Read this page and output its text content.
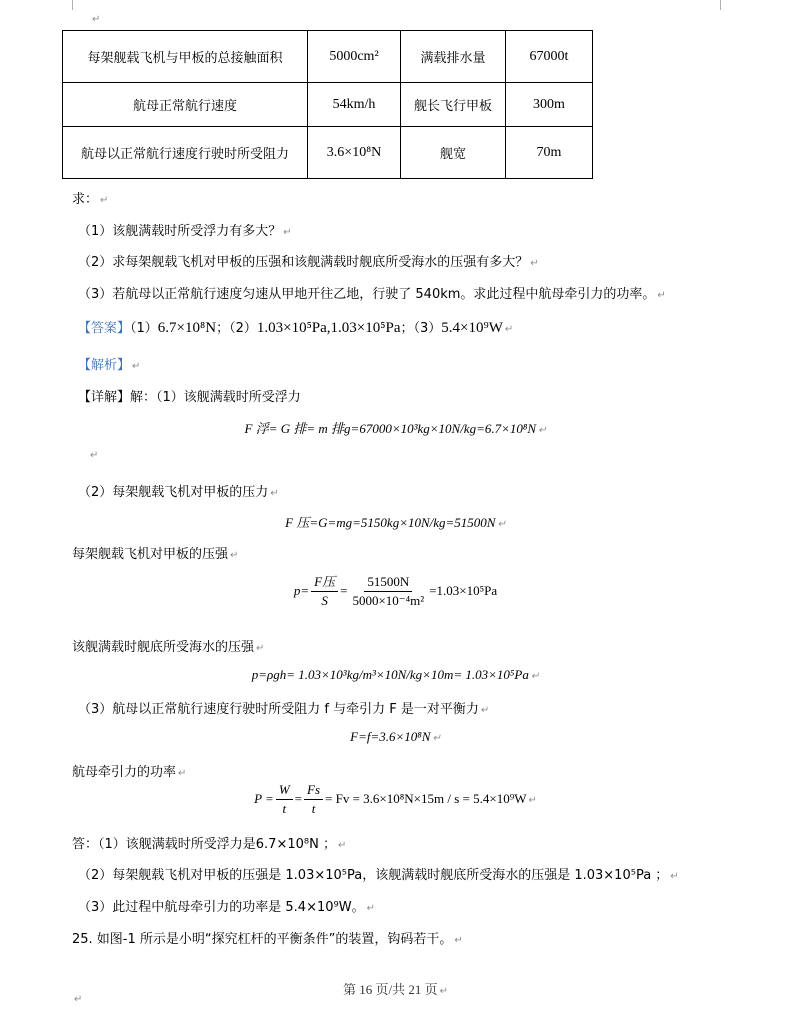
↵
每架舰载飞机与甲板的总接触面积	5000cm²	满载排水量	67000t
航母正常航行速度	54km/h	舰长飞行甲板	300m
航母以正常航行速度行驶时所受阻力	3.6×10⁸N	舰宽	70m
求： ↵
（1）该舰满载时所受浮力有多大？ ↵
（2）求每架舰载飞机对甲板的压强和该舰满载时舰底所受海水的压强有多大？ ↵
（3）若航母以正常航行速度匀速从甲地开往乙地，行驶了 540km。求此过程中航母牵引力的功率。 ↵
【答案】（1）6.7×10⁸N；（2）1.03×10⁵Pa,1.03×10⁵Pa；（3）5.4×10⁹W ↵
【解析】 ↵
【详解】解：（1）该舰满载时所受浮力
F 浮= G 排= m 排g=67000×10³kg×10N/kg=6.7×10⁸N ↵
↵
（2）每架舰载飞机对甲板的压力 ↵
F 压=G=mg=5150kg×10N/kg=51500N ↵
每架舰载飞机对甲板的压强 ↵
$p= \frac{\text{F压}}{S} = \frac{51500N}{\text{5000×10⁻⁴m²}} =1.03\times 10^5Pa$
该舰满载时舰底所受海水的压强 ↵
p=ρgh= 1.03×10³kg/m³×10N/kg×10m= 1.03×10⁵Pa ↵
（3）航母以正常航行速度行驶时所受阻力 f 与牵引力 F 是一对平衡力 ↵
F=f=3.6×10⁸N ↵
航母牵引力的功率 ↵
$P = \frac{W}{t} = \frac{Fs}{t} = Fv = 3.6\times 10^8N\times 15m / s = 5.4\times 10^9W$ ↵
答：（1）该舰满载时所受浮力是6.7×10⁸N ； ↵
（2）每架舰载飞机对甲板的压强是 1.03×10⁵Pa，该舰满载时舰底所受海水的压强是 1.03×10⁵Pa ； ↵
（3）此过程中航母牵引力的功率是 5.4×10⁹W。 ↵
25. 如图-1 所示是小明“探究杠杆的平衡条件”的装置，钩码若干。 ↵
第 16 页/共 21 页 ↵
↵
